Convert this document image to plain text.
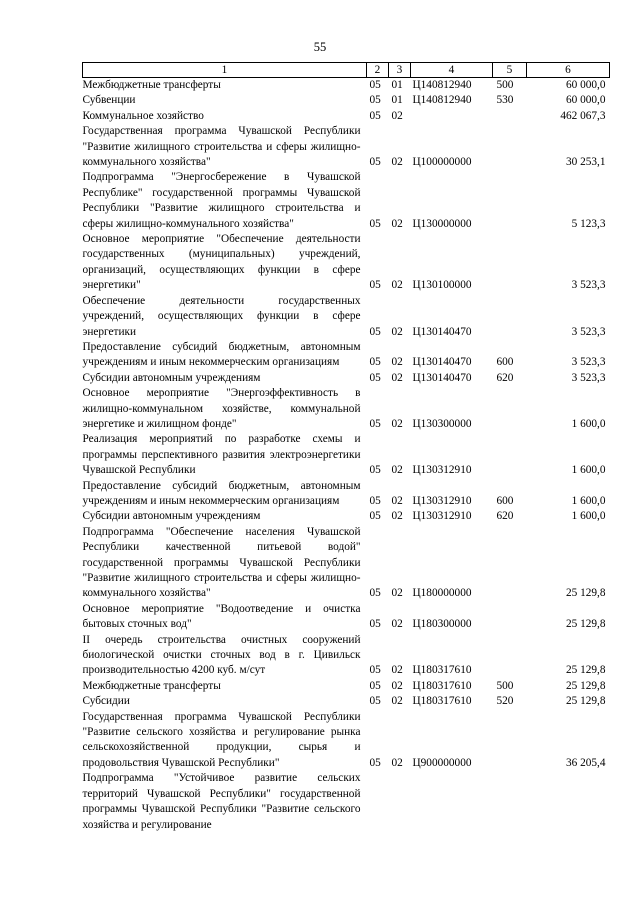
55
1	2	3	4	5	6
Межбюджетные трансферты	05	01	Ц140812940	500	60 000,0
Субвенции	05	01	Ц140812940	530	60 000,0
Коммунальное хозяйство	05	02			462 067,3
Государственная программа Чувашской Республики "Развитие жилищного строительства и сферы жилищно-коммунального хозяйства"	05	02	Ц100000000		30 253,1
Подпрограмма "Энергосбережение в Чувашской Республике" государственной программы Чувашской Республики "Развитие жилищного строительства и сферы жилищно-коммунального хозяйства"	05	02	Ц130000000		5 123,3
Основное мероприятие "Обеспечение деятельности государственных (муниципальных) учреждений, организаций, осуществляющих функции в сфере энергетики"	05	02	Ц130100000		3 523,3
Обеспечение деятельности государственных учреждений, осуществляющих функции в сфере энергетики	05	02	Ц130140470		3 523,3
Предоставление субсидий бюджетным, автономным учреждениям и иным некоммерческим организациям	05	02	Ц130140470	600	3 523,3
Субсидии автономным учреждениям	05	02	Ц130140470	620	3 523,3
Основное мероприятие "Энергоэффективность в жилищно-коммунальном хозяйстве, коммунальной энергетике и жилищном фонде"	05	02	Ц130300000		1 600,0
Реализация мероприятий по разработке схемы и программы перспективного развития электроэнергетики Чувашской Республики	05	02	Ц130312910		1 600,0
Предоставление субсидий бюджетным, автономным учреждениям и иным некоммерческим организациям	05	02	Ц130312910	600	1 600,0
Субсидии автономным учреждениям	05	02	Ц130312910	620	1 600,0
Подпрограмма "Обеспечение населения Чувашской Республики качественной питьевой водой" государственной программы Чувашской Республики "Развитие жилищного строительства и сферы жилищно-коммунального хозяйства"	05	02	Ц180000000		25 129,8
Основное мероприятие "Водоотведение и очистка бытовых сточных вод"	05	02	Ц180300000		25 129,8
II очередь строительства очистных сооружений биологической очистки сточных вод в г. Цивильск производительностью 4200 куб. м/сут	05	02	Ц180317610		25 129,8
Межбюджетные трансферты	05	02	Ц180317610	500	25 129,8
Субсидии	05	02	Ц180317610	520	25 129,8
Государственная программа Чувашской Республики "Развитие сельского хозяйства и регулирование рынка сельскохозяйственной продукции, сырья и продовольствия Чувашской Республики"	05	02	Ц900000000		36 205,4
Подпрограмма "Устойчивое развитие сельских территорий Чувашской Республики" государственной программы Чувашской Республики "Развитие сельского хозяйства и регулирование					
